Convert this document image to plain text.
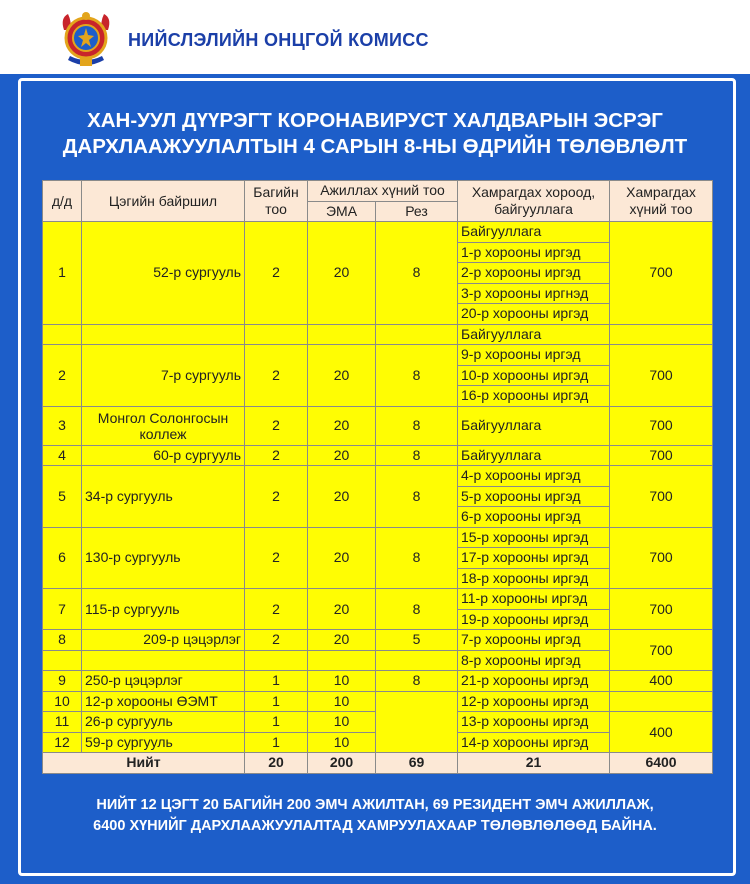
НИЙСЛЭЛИЙН ОНЦГОЙ КОМИСС
ХАН-УУЛ ДҮҮРЭГТ КОРОНАВИРУСТ ХАЛДВАРЫН ЭСРЭГ
ДАРХЛААЖУУЛАЛТЫН 4 САРЫН 8-НЫ ӨДРИЙН ТӨЛӨВЛӨЛТ
д/д	Цэгийн байршил	Багийн тоо	Ажиллах хүний тоо		Хамрагдах хороод, байгууллага	Хамрагдах хүний тоо
			ЭМА	Рез		
1	52-р сургууль	2	20	8	Байгууллага	700
					1-р хорооны иргэд	
					2-р хорооны иргэд	
					3-р хорооны иргнэд	
					20-р хорооны иргэд	
					Байгууллага	
2	7-р сургууль	2	20	8	9-р хорооны иргэд	700
					10-р хорооны иргэд	
					16-р хорооны иргэд	
3	Монгол Солонгосын коллеж	2	20	8	Байгууллага	700
4	60-р сургууль	2	20	8	Байгууллага	700
5	34-р сургууль	2	20	8	4-р хорооны иргэд	700
					5-р хорооны иргэд	
					6-р хорооны иргэд	
6	130-р сургууль	2	20	8	15-р хорооны иргэд	700
					17-р хорооны иргэд	
					18-р хорооны иргэд	
7	115-р сургууль	2	20	8	11-р хорооны иргэд	700
					19-р хорооны иргэд	
8	209-р цэцэрлэг	2	20	5	7-р хорооны иргэд	700
					8-р хорооны иргэд	
9	250-р цэцэрлэг	1	10	8	21-р хорооны иргэд	400
10	12-р хорооны ӨЭМТ	1	10		12-р хорооны иргэд	
11	26-р сургууль	1	10		13-р хорооны иргэд	400
12	59-р сургууль	1	10		14-р хорооны иргэд	
Нийт		20	200	69	21	6400
НИЙТ 12 ЦЭГТ 20 БАГИЙН 200 ЭМЧ АЖИЛТАН, 69 РЕЗИДЕНТ ЭМЧ АЖИЛЛАЖ,
6400 ХҮНИЙГ ДАРХЛААЖУУЛАЛТАД ХАМРУУЛАХААР ТӨЛӨВЛӨЛӨӨД БАЙНА.
